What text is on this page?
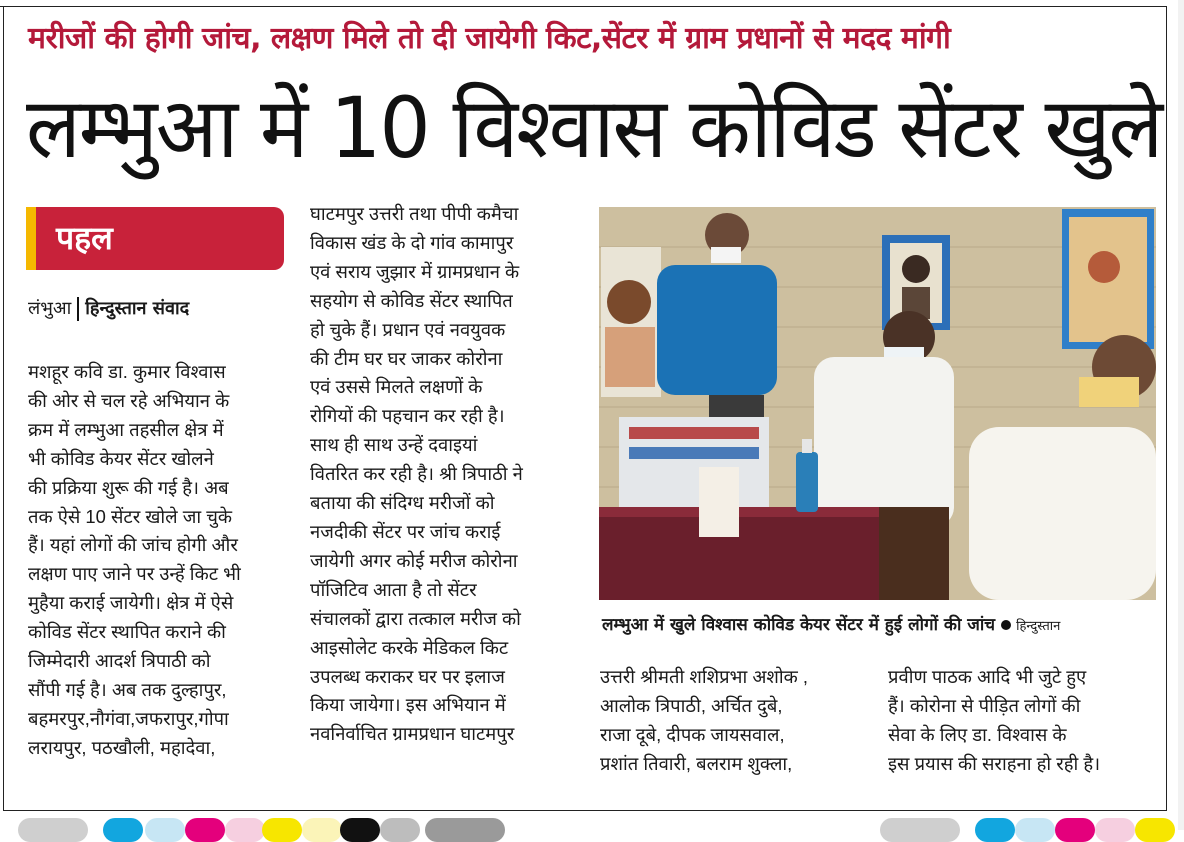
मरीजों की होगी जांच, लक्षण मिले तो दी जायेगी किट,सेंटर में ग्राम प्रधानों से मदद मांगी
लम्भुआ में 10 विश्वास कोविड सेंटर खुले
पहल
लंभुआ हिन्दुस्तान संवाद

मशहूर कवि डा. कुमार विश्वास

की ओर से चल रहे अभियान के

क्रम में लम्भुआ तहसील क्षेत्र में

भी कोविड केयर सेंटर खोलने

की प्रक्रिया शुरू की गई है। अब

तक ऐसे 10 सेंटर खोले जा चुके

हैं। यहां लोगों की जांच होगी और

लक्षण पाए जाने पर उन्हें किट भी

मुहैया कराई जायेगी। क्षेत्र में ऐसे

कोविड सेंटर स्थापित कराने की

जिम्मेदारी आदर्श त्रिपाठी को

सौंपी गई है। अब तक दुल्हापुर,

बहमरपुर,नौगंवा,जफरापुर,गोपा

लरायपुर, पठखौली, महादेवा,

घाटमपुर उत्तरी तथा पीपी कमैचा

विकास खंड के दो गांव कामापुर

एवं सराय जुझार में ग्रामप्रधान के

सहयोग से कोविड सेंटर स्थापित

हो चुके हैं। प्रधान एवं नवयुवक

की टीम घर घर जाकर कोरोना

एवं उससे मिलते लक्षणों के

रोगियों की पहचान कर रही है।

साथ ही साथ उन्हें दवाइयां

वितरित कर रही है। श्री त्रिपाठी ने

बताया की संदिग्ध मरीजों को

नजदीकी सेंटर पर जांच कराई

जायेगी अगर कोई मरीज कोरोना

पॉजिटिव आता है तो सेंटर

संचालकों द्वारा तत्काल मरीज को

आइसोलेट करके मेडिकल किट

उपलब्ध कराकर घर पर इलाज

किया जायेगा। इस अभियान में

नवनिर्वाचित ग्रामप्रधान घाटमपुर

लम्भुआ में खुले विश्वास कोविड केयर सेंटर में हुई लोगों की जांच हिन्दुस्तान

उत्तरी श्रीमती शशिप्रभा अशोक ,

आलोक त्रिपाठी, अर्चित दुबे,

राजा दूबे, दीपक जायसवाल,

प्रशांत तिवारी, बलराम शुक्ला,

प्रवीण पाठक आदि भी जुटे हुए

हैं। कोरोना से पीड़ित लोगों की

सेवा के लिए डा. विश्वास के

इस प्रयास की सराहना हो रही है।
